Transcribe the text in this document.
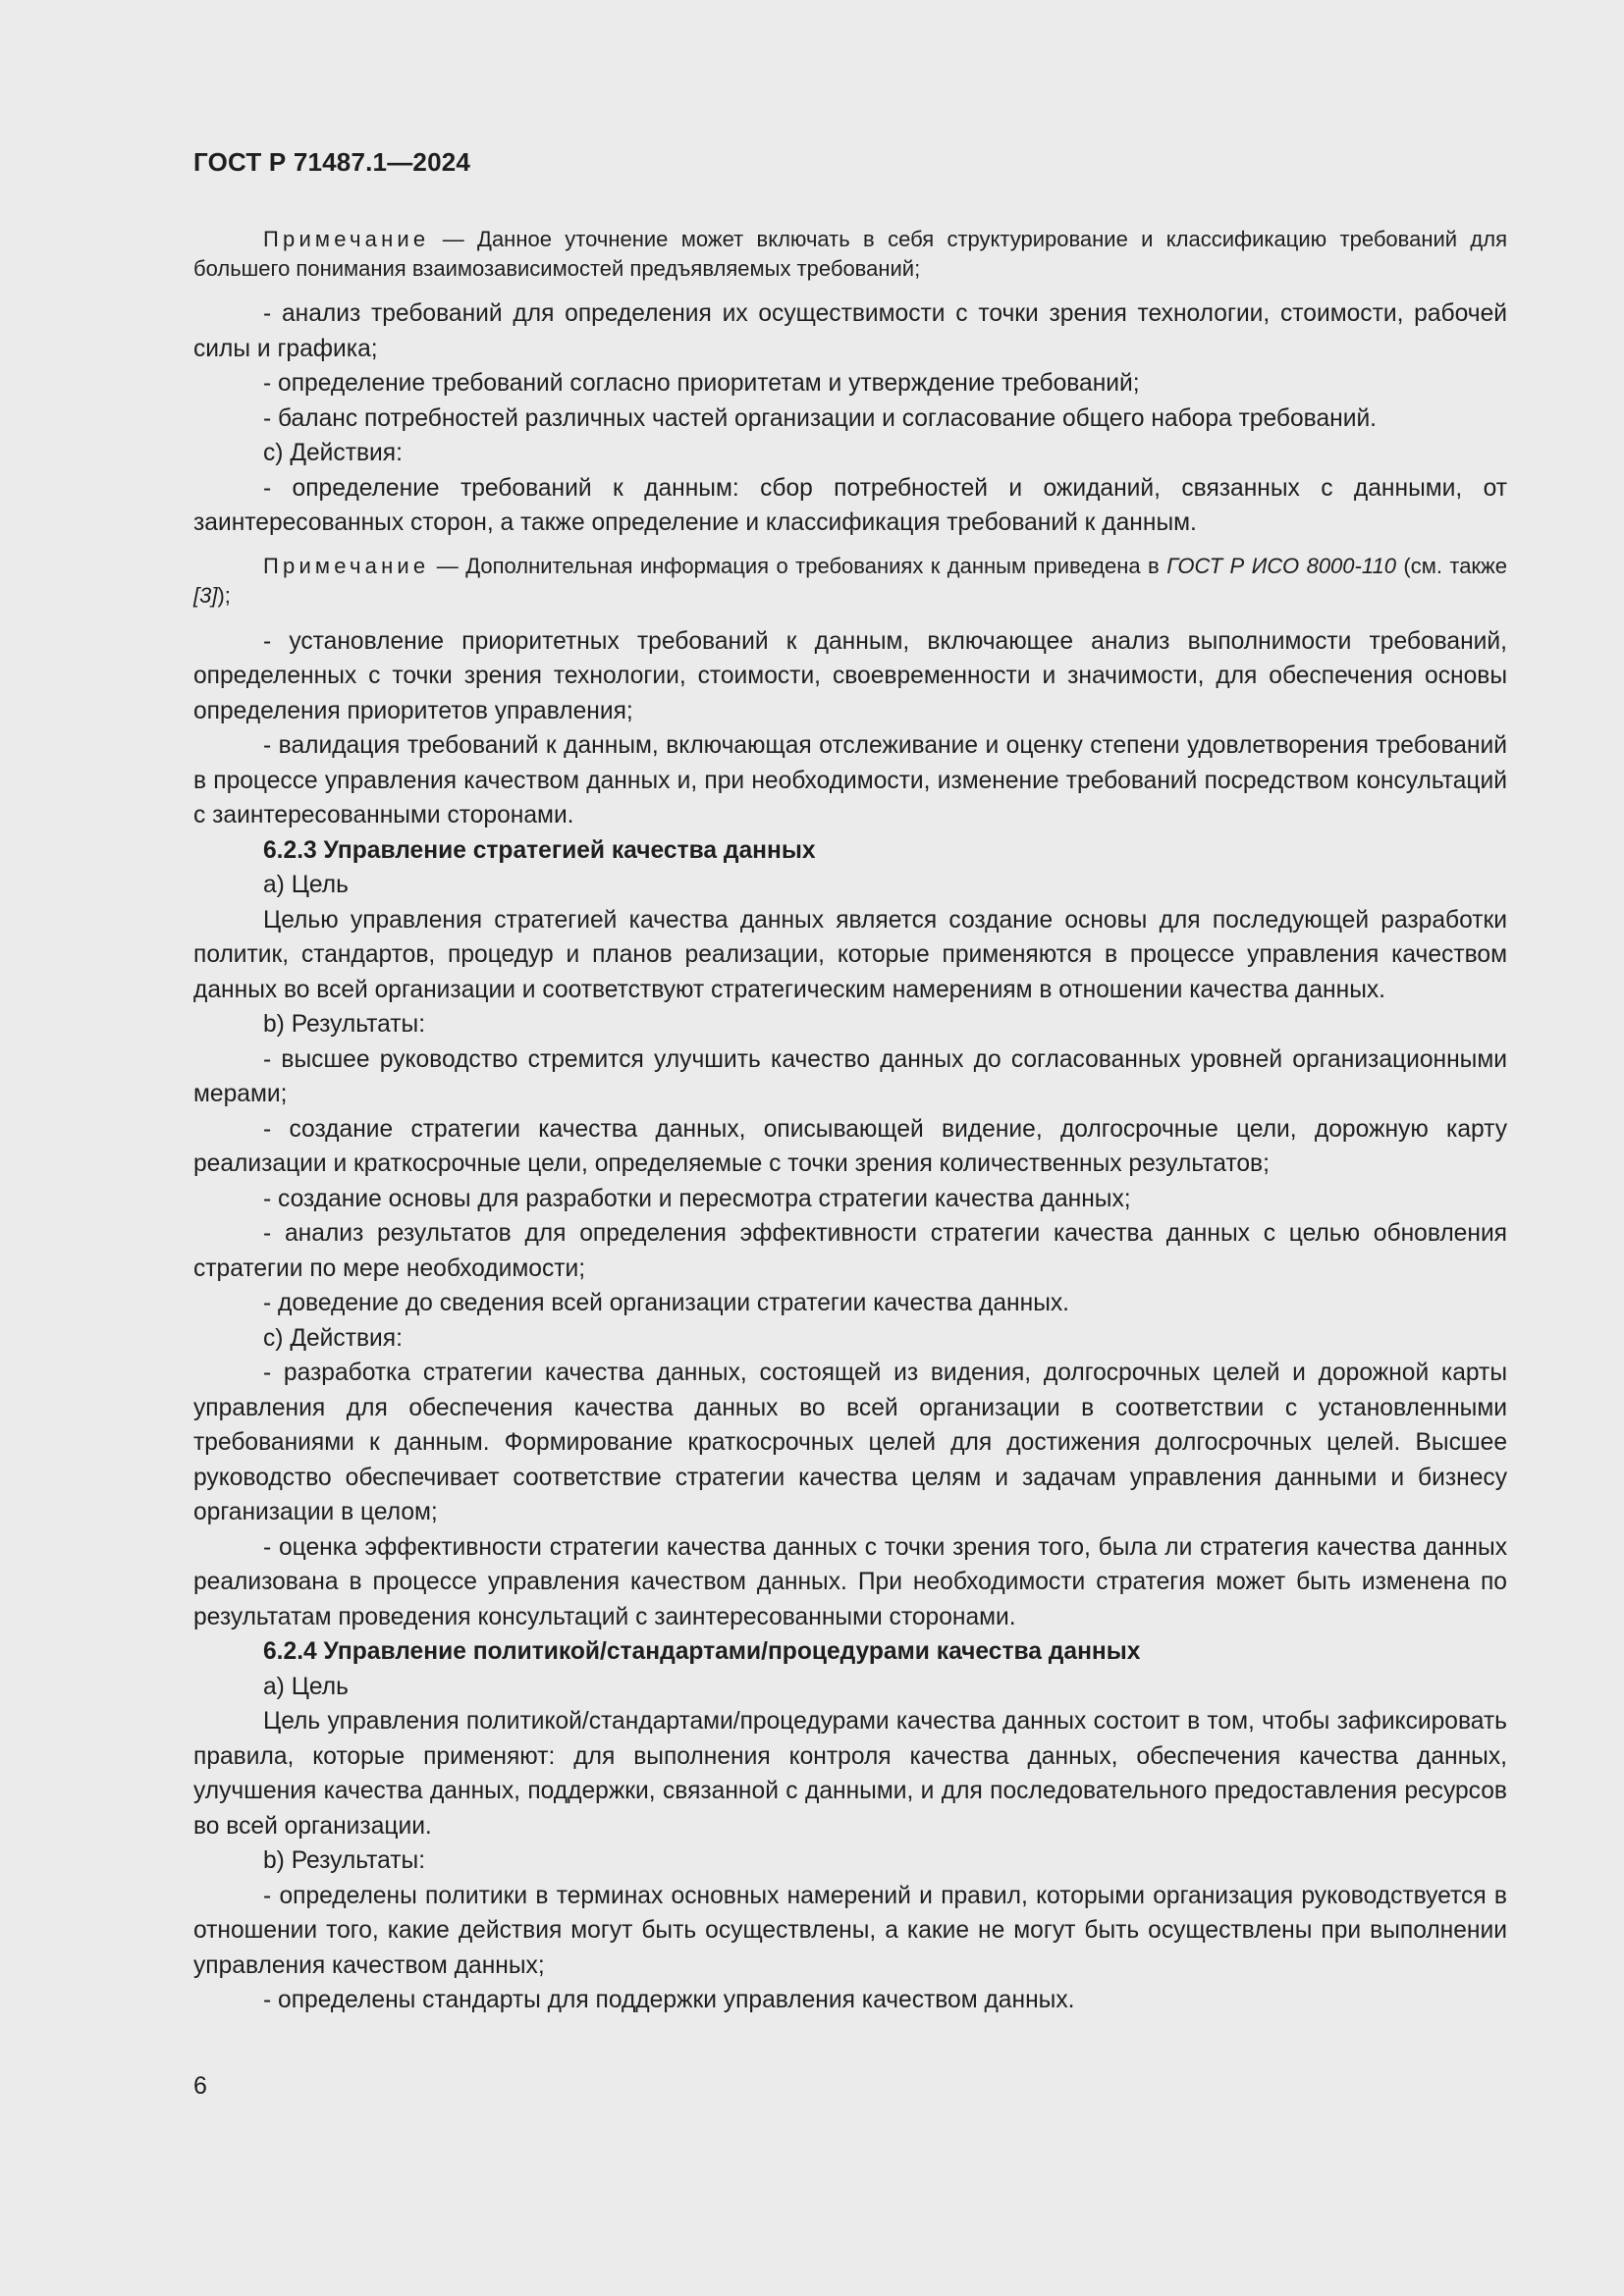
ГОСТ Р 71487.1—2024

Примечание — Данное уточнение может включать в себя структурирование и классификацию требований для большего понимания взаимозависимостей предъявляемых требований;

- анализ требований для определения их осуществимости с точки зрения технологии, стоимости, рабочей силы и графика;

- определение требований согласно приоритетам и утверждение требований;

- баланс потребностей различных частей организации и согласование общего набора требований.

c) Действия:

- определение требований к данным: сбор потребностей и ожиданий, связанных с данными, от заинтересованных сторон, а также определение и классификация требований к данным.

Примечание — Дополнительная информация о требованиях к данным приведена в ГОСТ Р ИСО 8000-110 (см. также [3]);

- установление приоритетных требований к данным, включающее анализ выполнимости требований, определенных с точки зрения технологии, стоимости, своевременности и значимости, для обеспечения основы определения приоритетов управления;

- валидация требований к данным, включающая отслеживание и оценку степени удовлетворения требований в процессе управления качеством данных и, при необходимости, изменение требований посредством консультаций с заинтересованными сторонами.

6.2.3 Управление стратегией качества данных

a) Цель

Целью управления стратегией качества данных является создание основы для последующей разработки политик, стандартов, процедур и планов реализации, которые применяются в процессе управления качеством данных во всей организации и соответствуют стратегическим намерениям в отношении качества данных.

b) Результаты:

- высшее руководство стремится улучшить качество данных до согласованных уровней организационными мерами;

- создание стратегии качества данных, описывающей видение, долгосрочные цели, дорожную карту реализации и краткосрочные цели, определяемые с точки зрения количественных результатов;

- создание основы для разработки и пересмотра стратегии качества данных;

- анализ результатов для определения эффективности стратегии качества данных с целью обновления стратегии по мере необходимости;

- доведение до сведения всей организации стратегии качества данных.

c) Действия:

- разработка стратегии качества данных, состоящей из видения, долгосрочных целей и дорожной карты управления для обеспечения качества данных во всей организации в соответствии с установленными требованиями к данным. Формирование краткосрочных целей для достижения долгосрочных целей. Высшее руководство обеспечивает соответствие стратегии качества целям и задачам управления данными и бизнесу организации в целом;

- оценка эффективности стратегии качества данных с точки зрения того, была ли стратегия качества данных реализована в процессе управления качеством данных. При необходимости стратегия может быть изменена по результатам проведения консультаций с заинтересованными сторонами.

6.2.4 Управление политикой/стандартами/процедурами качества данных

a) Цель

Цель управления политикой/стандартами/процедурами качества данных состоит в том, чтобы зафиксировать правила, которые применяют: для выполнения контроля качества данных, обеспечения качества данных, улучшения качества данных, поддержки, связанной с данными, и для последовательного предоставления ресурсов во всей организации.

b) Результаты:

- определены политики в терминах основных намерений и правил, которыми организация руководствуется в отношении того, какие действия могут быть осуществлены, а какие не могут быть осуществлены при выполнении управления качеством данных;

- определены стандарты для поддержки управления качеством данных.

6
